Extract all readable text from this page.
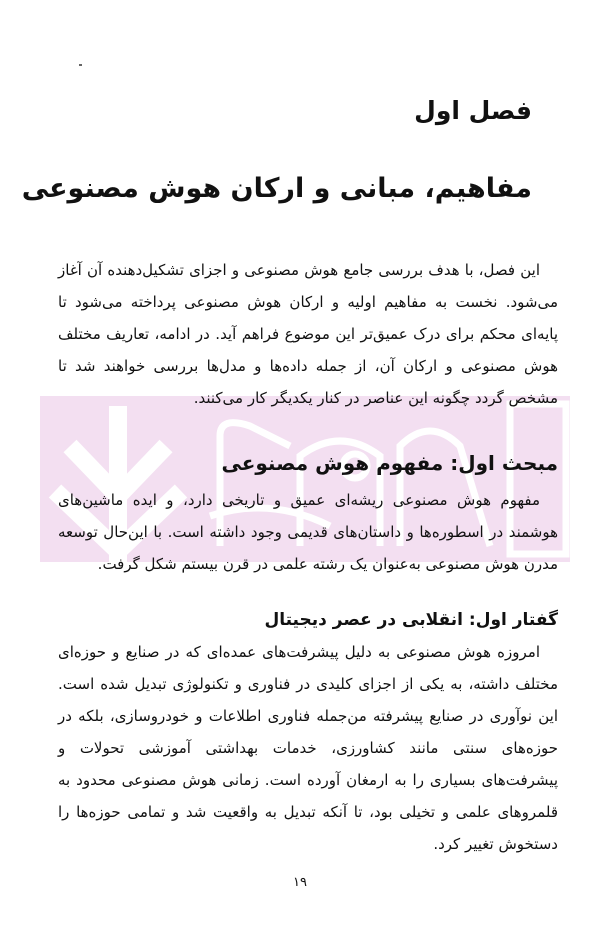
فصل اول
مفاهیم، مبانی و ارکان هوش مصنوعی
این فصل، با هدف بررسی جامع هوش مصنوعی و اجزای تشکیل‌دهنده آن آغاز می‌شود. نخست به مفاهیم اولیه و ارکان هوش مصنوعی پرداخته می‌شود تا پایه‌ای محکم برای درک عمیق‌تر این موضوع فراهم آید. در ادامه، تعاریف مختلف هوش مصنوعی و ارکان آن، از جمله داده‌ها و مدل‌ها بررسی خواهند شد تا مشخص گردد چگونه این عناصر در کنار یکدیگر کار می‌کنند.
مبحث اول: مفهوم هوش مصنوعی
مفهوم هوش مصنوعی ریشه‌ای عمیق و تاریخی دارد، و ایده ماشین‌های هوشمند در اسطوره‌ها و داستان‌های قدیمی وجود داشته است. با این‌حال توسعه مدرن هوش مصنوعی به‌عنوان یک رشته علمی در قرن بیستم شکل گرفت.
گفتار اول: انقلابی در عصر دیجیتال
امروزه هوش مصنوعی به دلیل پیشرفت‌های عمده‌ای که در صنایع و حوزه‌ای مختلف داشته، به یکی از اجزای کلیدی در فناوری و تکنولوژی تبدیل شده است. این نوآوری در صنایع پیشرفته من‌جمله فناوری اطلاعات و خودروسازی، بلکه در حوزه‌های سنتی مانند کشاورزی، خدمات بهداشتی آموزشی تحولات و پیشرفت‌های بسیاری را به ارمغان آورده است. زمانی هوش مصنوعی محدود به قلمروهای علمی و تخیلی بود، تا آنکه تبدیل به واقعیت شد و تمامی حوزه‌ها را دستخوش تغییر کرد.
۱۹
